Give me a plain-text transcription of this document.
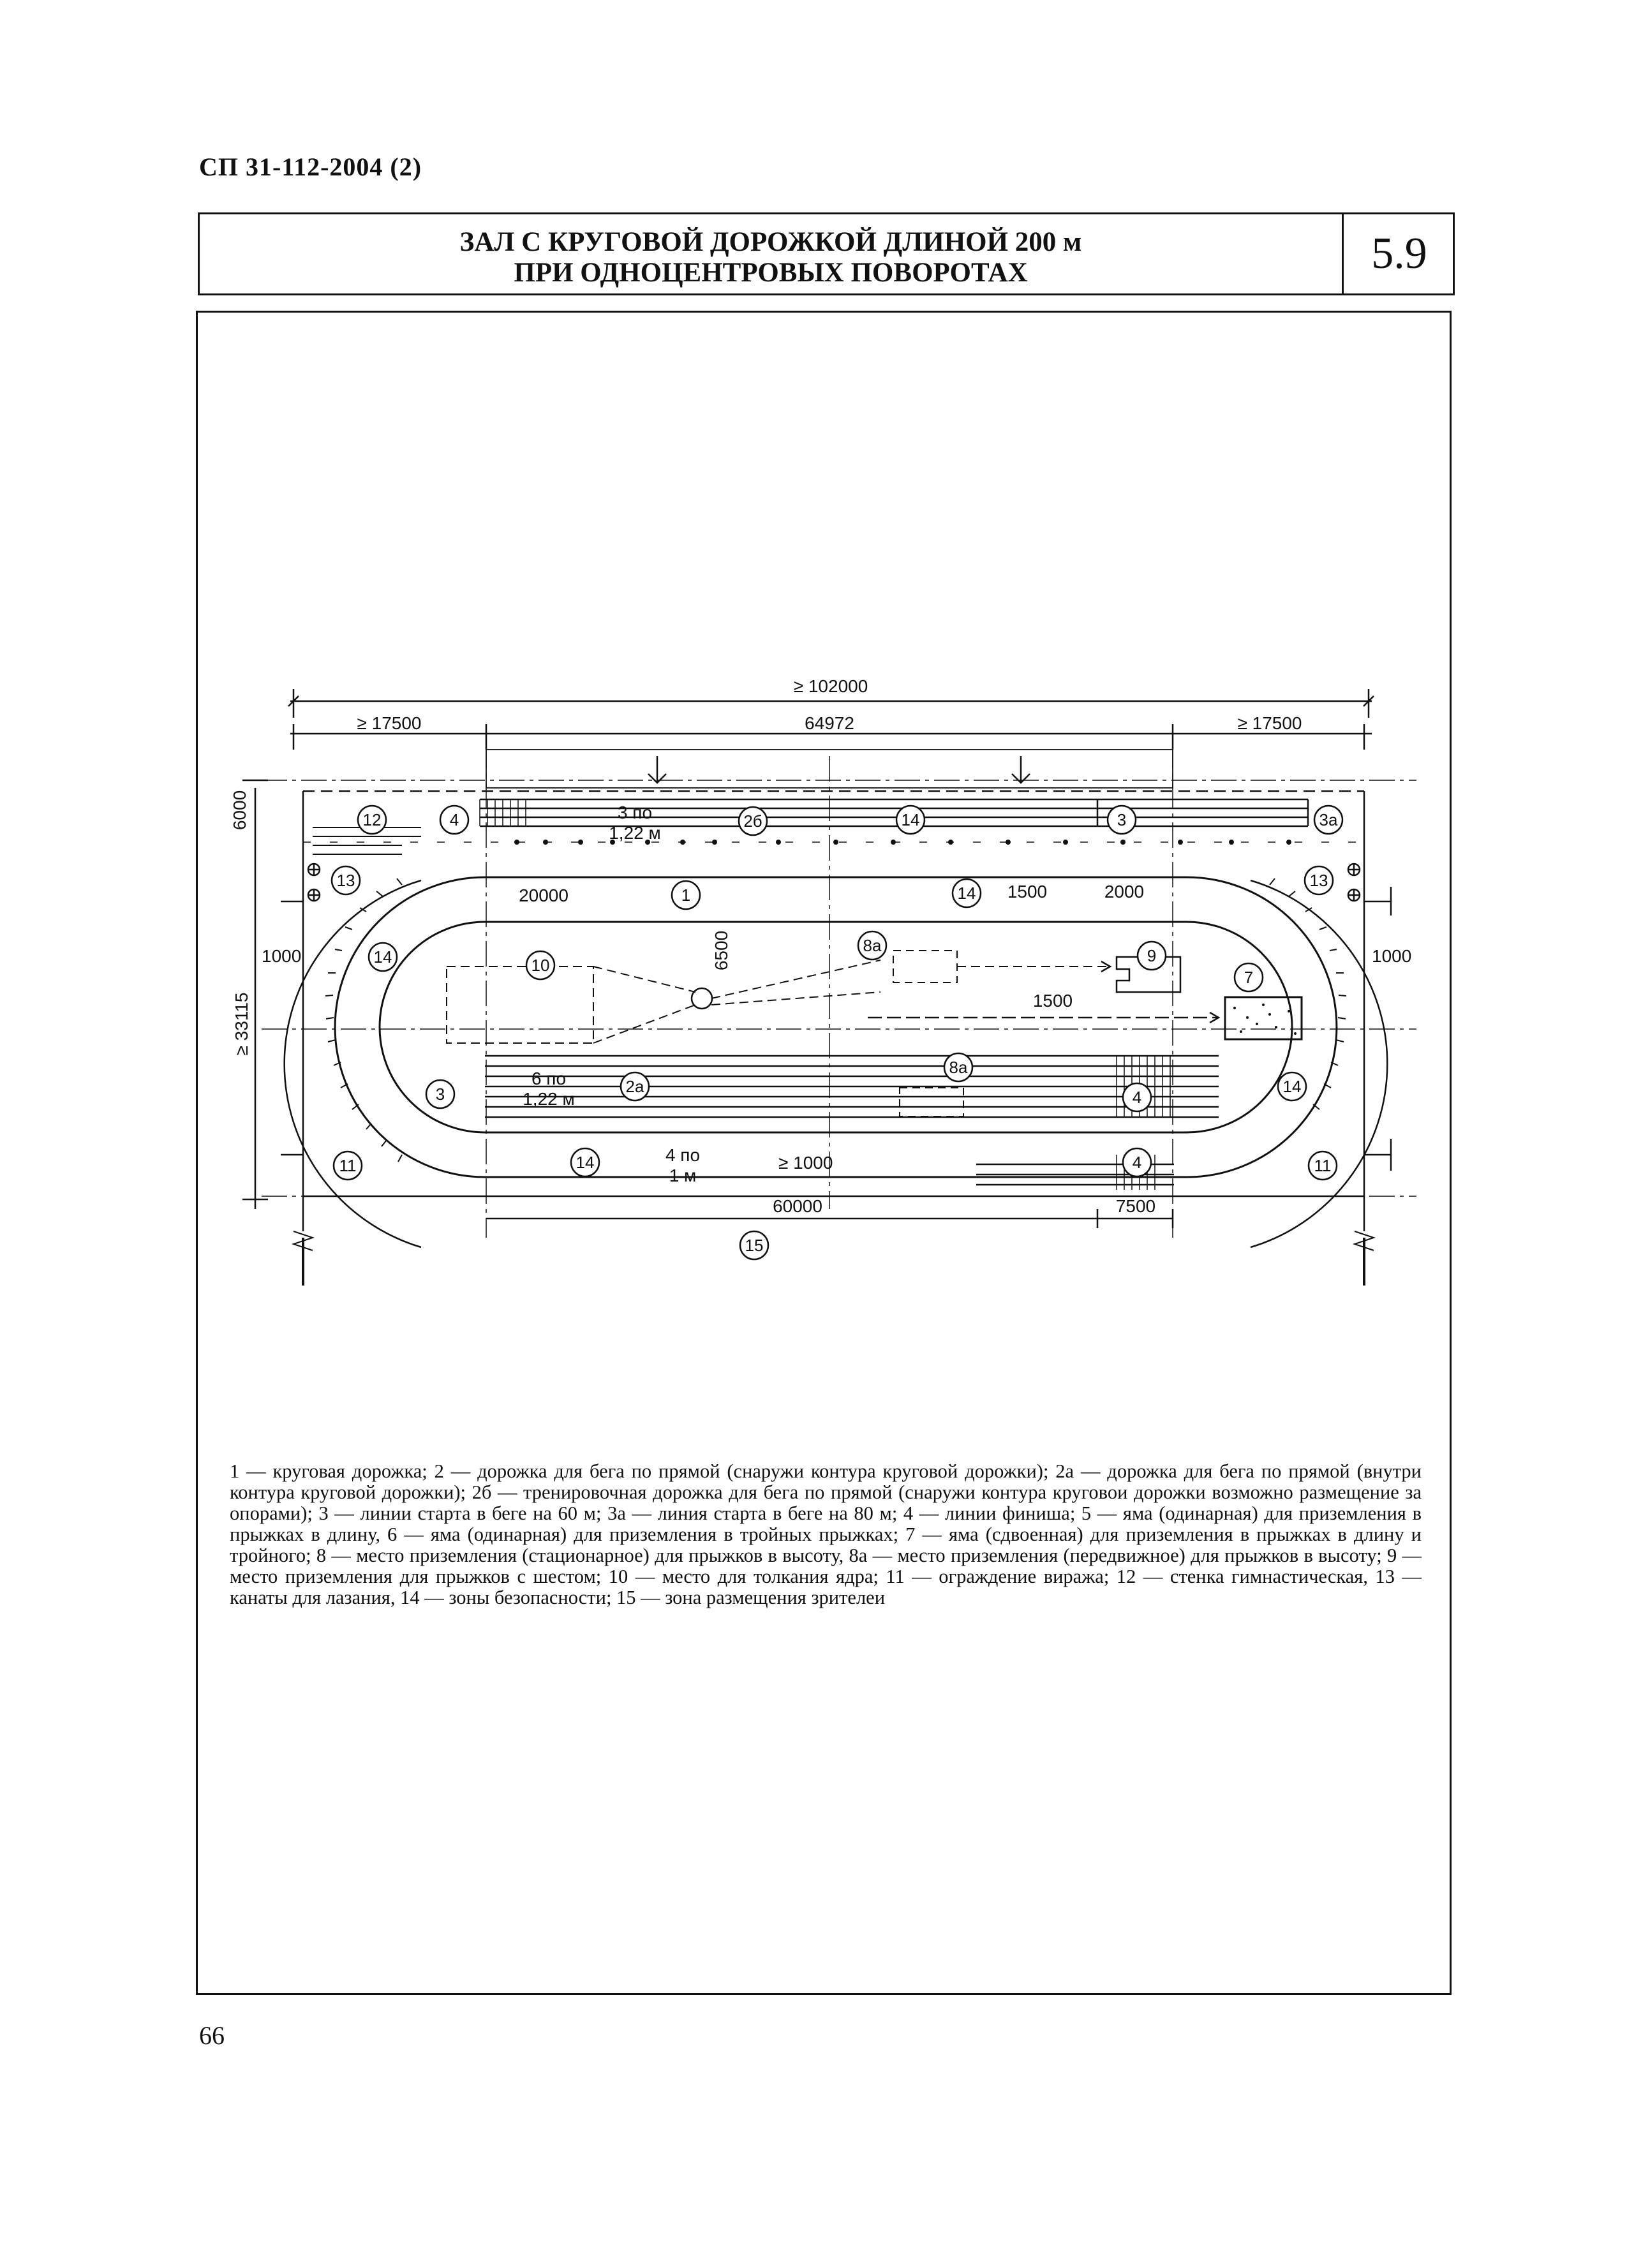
СП 31-112-2004 (2)
ЗАЛ С КРУГОВОЙ ДОРОЖКОЙ ДЛИНОЙ 200 м
ПРИ ОДНОЦЕНТРОВЫХ ПОВОРОТАХ	5.9
≥ 102000
≥ 17500	64972	≥ 17500
6000
≥ 33115
1000	1000
20000
6500
1500	2000
1500
60000	7500
≥ 1000
3 по
1,22 м
6 по
1,22 м
4 по
1 м
1
2a
2б	3
3
3a
4
4
4
7
8a
8a
9
10
11	11
12
13	13
14
14
14
14
14
15
1 — круговая дорожка; 2 — дорожка для бега по прямой (снаружи контура круговой дорожки); 2а — дорожка для бега по прямой (внутри контура круговой дорожки); 2б — тренировочная дорожка для бега по прямой (снаружи контура круговои дорожки возможно размещение за опорами); 3 — линии старта в беге на 60 м; 3а — линия старта в беге на 80 м; 4 — линии финиша; 5 — яма (одинарная) для приземления в прыжках в длину, 6 — яма (одинарная) для приземления в тройных прыжках; 7 — яма (сдвоенная) для приземления в прыжках в длину и тройного; 8 — место приземления (стационарное) для прыжков в высоту, 8а — место приземления (передвижное) для прыжков в высоту; 9 — место приземления для прыжков с шестом; 10 — место для толкания ядра; 11 — ограждение виража; 12 — стенка гимнастическая, 13 — канаты для лазания, 14 — зоны безопасности; 15 — зона размещения зрителеи
66
